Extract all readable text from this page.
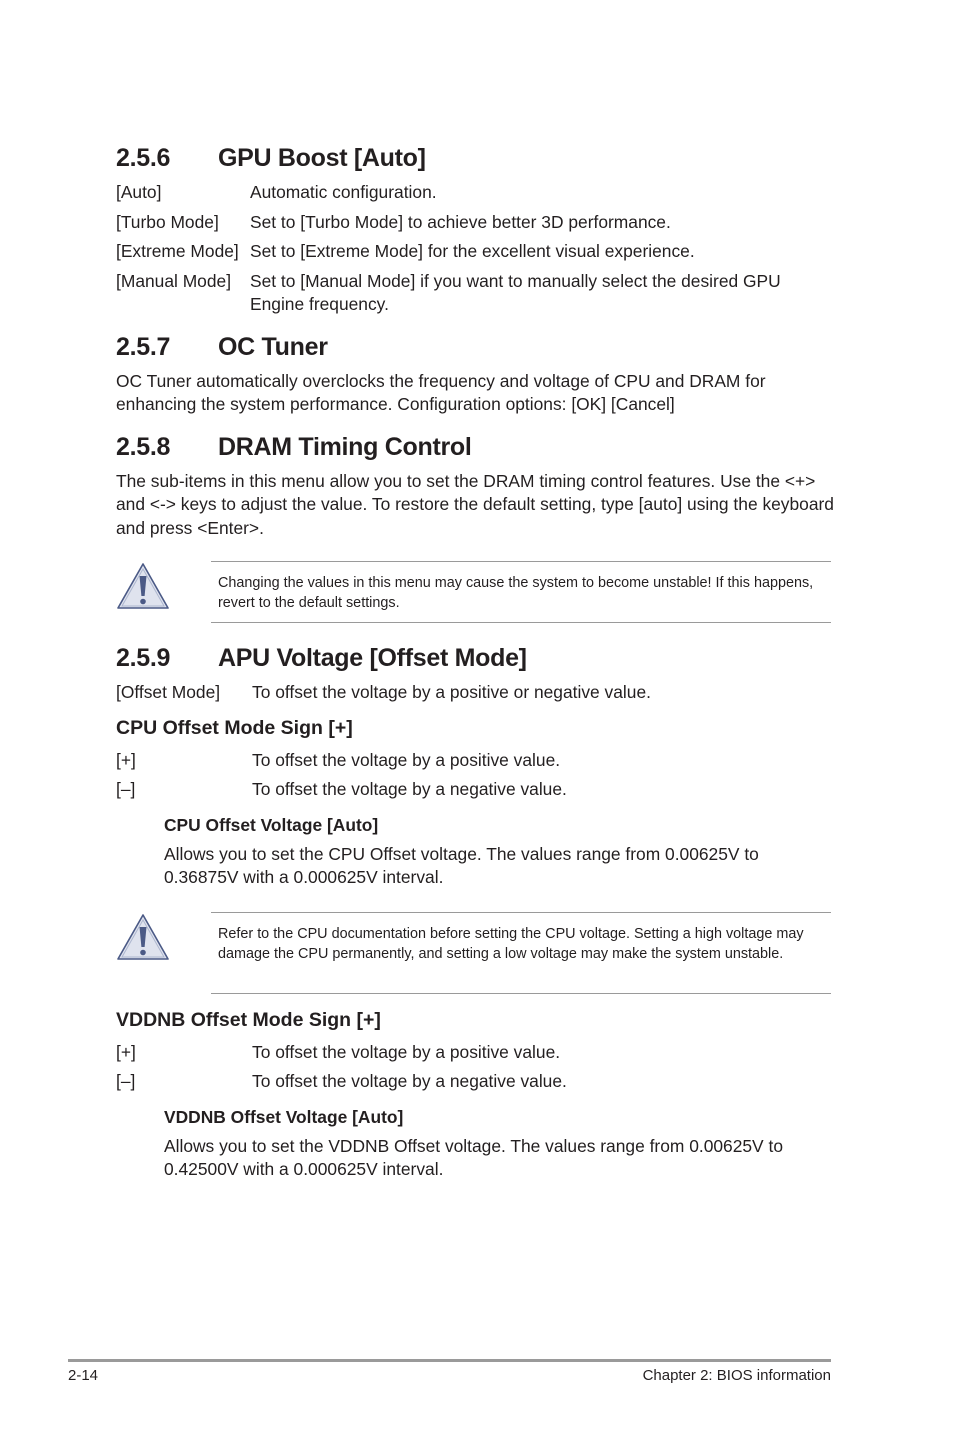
2.5.6 GPU Boost [Auto]
[Auto]	Automatic configuration.
[Turbo Mode] Set to [Turbo Mode] to achieve better 3D performance.
[Extreme Mode] Set to [Extreme Mode] for the excellent visual experience.
[Manual Mode] Set to [Manual Mode] if you want to manually select the desired GPU
Engine frequency.
2.5.7 OC Tuner
OC Tuner automatically overclocks the frequency and voltage of CPU and DRAM for enhancing the system performance. Configuration options: [OK] [Cancel]
2.5.8 DRAM Timing Control
The sub-items in this menu allow you to set the DRAM timing control features. Use the <+> and <-> keys to adjust the value. To restore the default setting, type [auto] using the keyboard and press <Enter>.
Changing the values in this menu may cause the system to become unstable! If this happens, revert to the default settings.
2.5.9 APU Voltage [Offset Mode]
[Offset Mode] To offset the voltage by a positive or negative value.
CPU Offset Mode Sign [+]
[+]	To offset the voltage by a positive value.
[–]	To offset the voltage by a negative value.
CPU Offset Voltage [Auto]
Allows you to set the CPU Offset voltage. The values range from 0.00625V to 0.36875V with a 0.000625V interval.
Refer to the CPU documentation before setting the CPU voltage. Setting a high voltage may damage the CPU permanently, and setting a low voltage may make the system unstable.
VDDNB Offset Mode Sign [+]
[+]	To offset the voltage by a positive value.
[–]	To offset the voltage by a negative value.
VDDNB Offset Voltage [Auto]
Allows you to set the VDDNB Offset voltage. The values range from 0.00625V to 0.42500V with a 0.000625V interval.
2-14	Chapter 2: BIOS information
